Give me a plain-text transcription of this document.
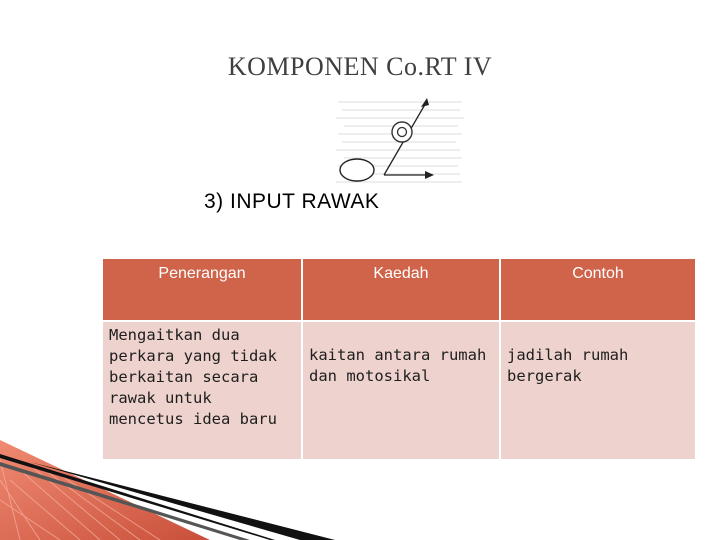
KOMPONEN Co.RT IV
3) INPUT RAWAK
Penerangan	Kaedah	Contoh
Mengaitkan dua perkara yang tidak berkaitan secara rawak untuk mencetus idea baru	kaitan antara rumah dan motosikal	jadilah rumah bergerak
